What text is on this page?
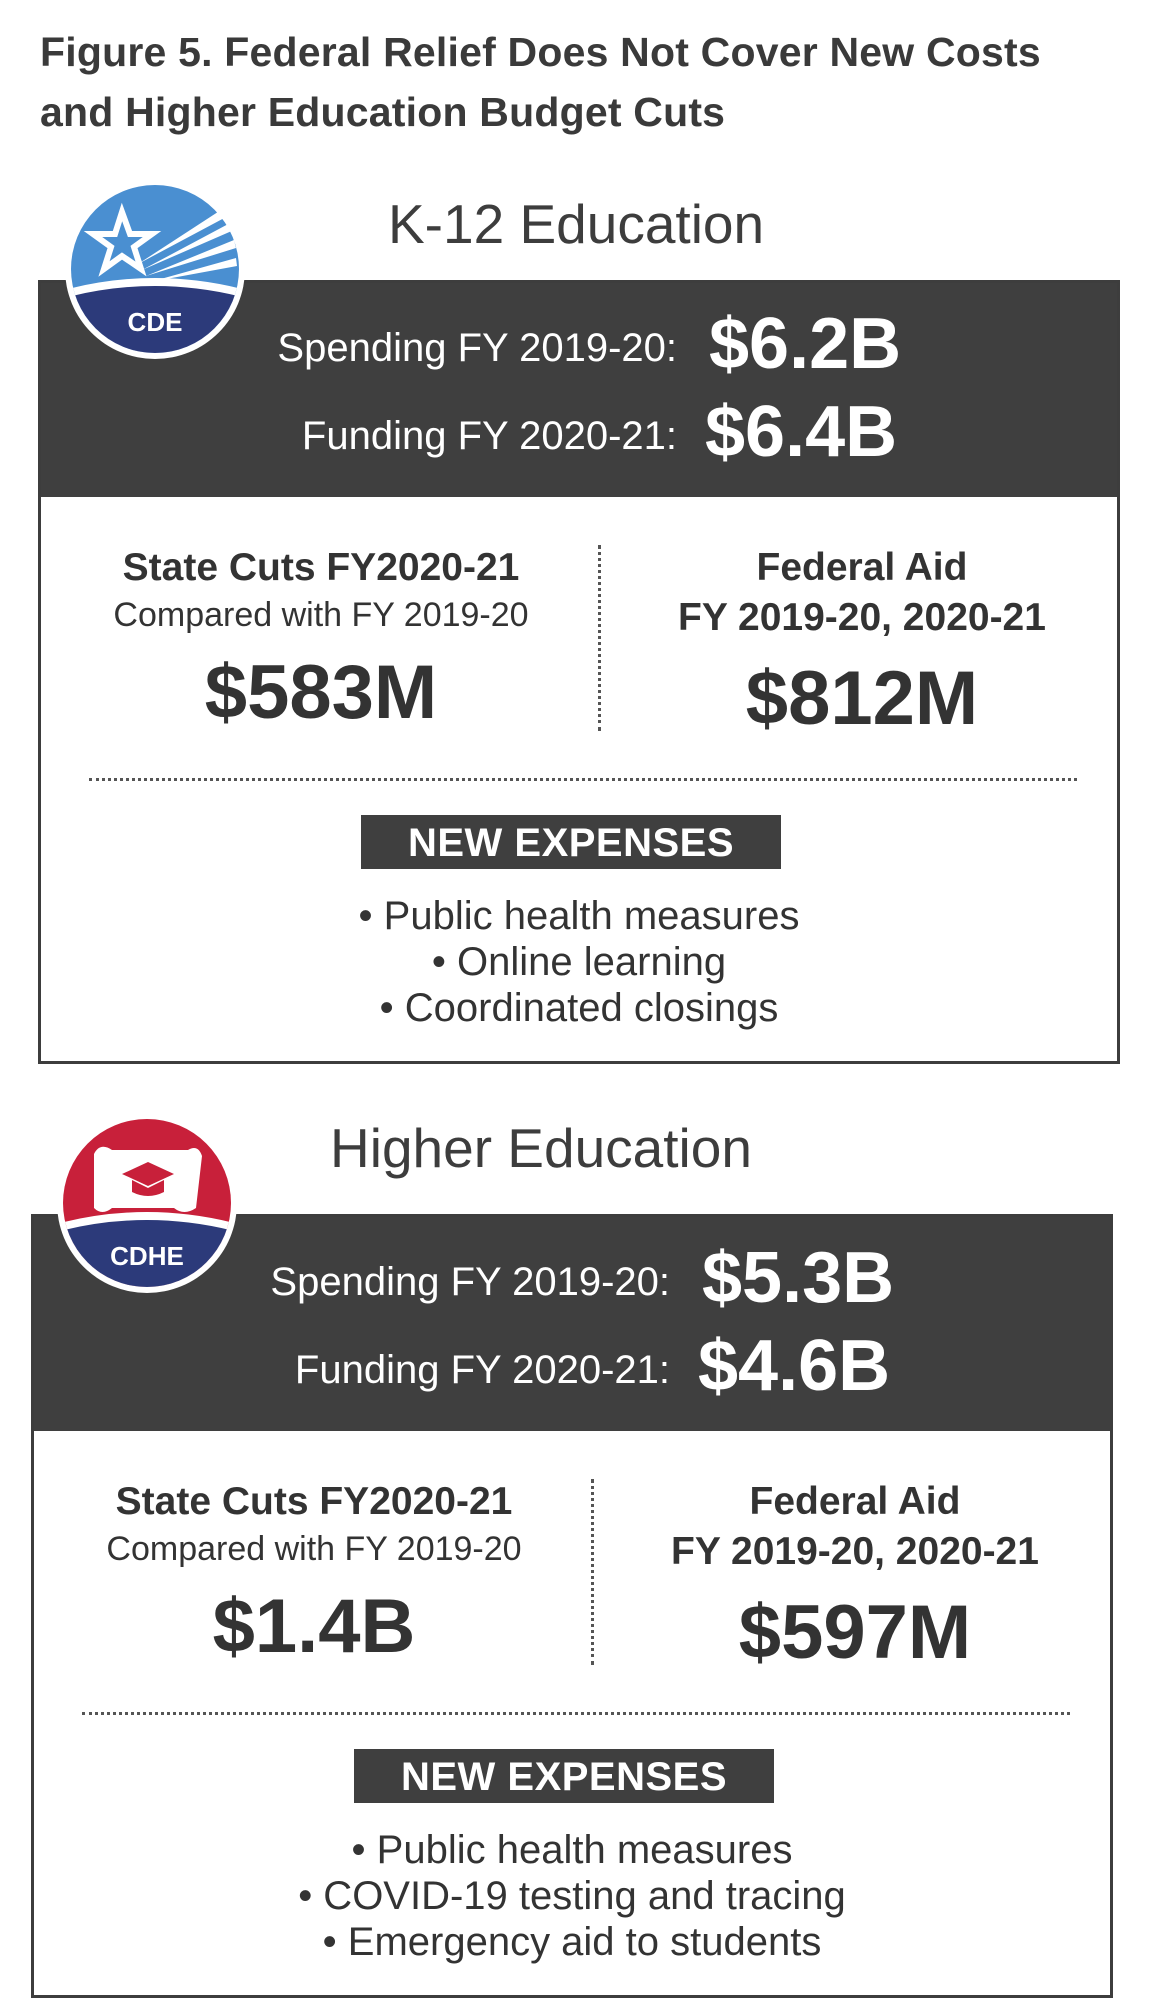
Figure 5. Federal Relief Does Not Cover New Costs and Higher Education Budget Cuts
K-12 Education
Spending FY 2019-20: $6.2B
Funding FY 2020-21: $6.4B
State Cuts FY2020-21
Compared with FY 2019-20
$583M
Federal Aid
FY 2019-20, 2020-21
$812M
NEW EXPENSES
• Public health measures
• Online learning
• Coordinated closings
CDE
Higher Education
Spending FY 2019-20: $5.3B
Funding FY 2020-21: $4.6B
State Cuts FY2020-21
Compared with FY 2019-20
$1.4B
Federal Aid
FY 2019-20, 2020-21
$597M
NEW EXPENSES
• Public health measures
• COVID-19 testing and tracing
• Emergency aid to students
CDHE
